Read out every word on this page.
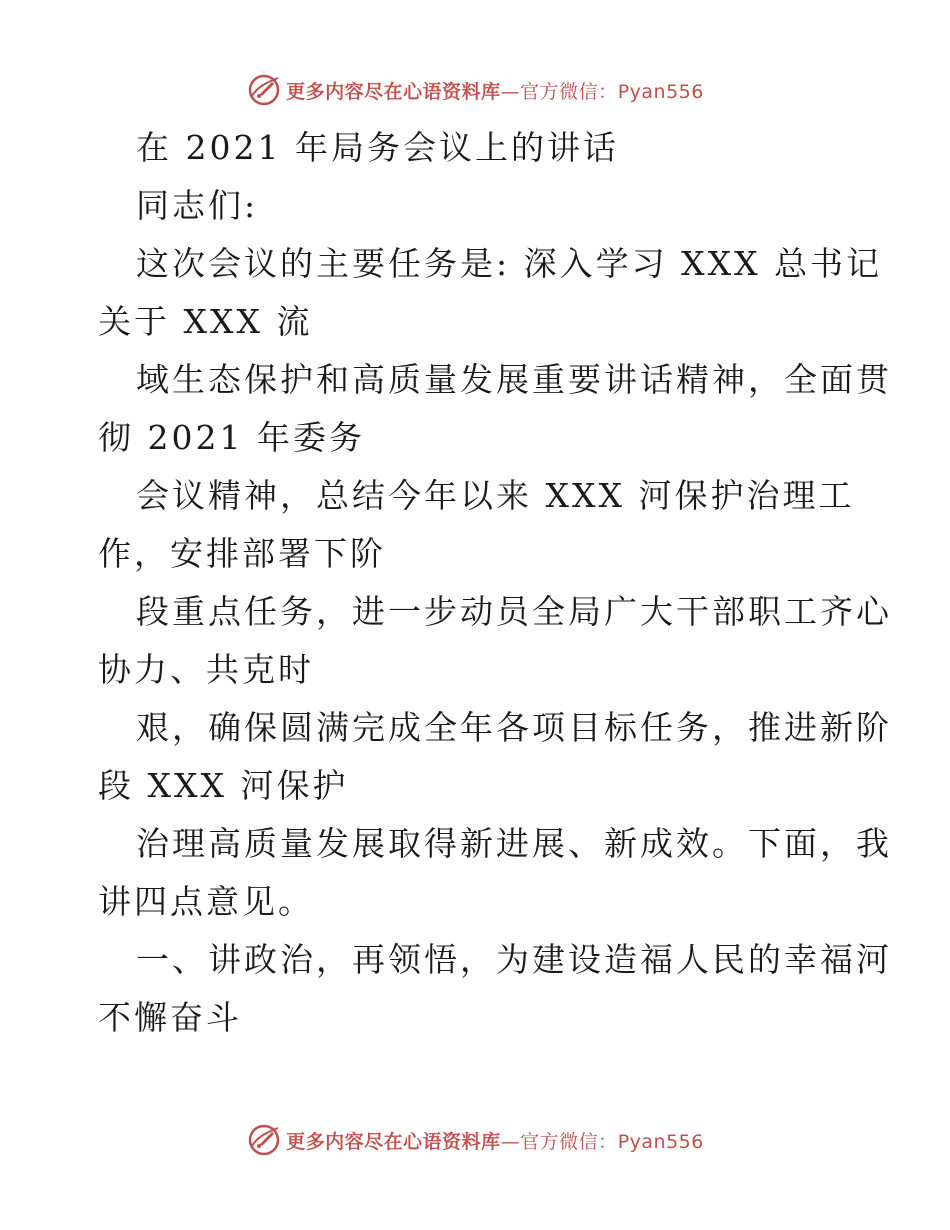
更多内容尽在心语资料库—官方微信：Pyan556
在 2021 年局务会议上的讲话
同志们:
这次会议的主要任务是: 深入学习 XXX 总书记
关于 XXX 流
域生态保护和高质量发展重要讲话精神，全面贯
彻 2021 年委务
会议精神，总结今年以来 XXX 河保护治理工
作，安排部署下阶
段重点任务，进一步动员全局广大干部职工齐心
协力、共克时
艰，确保圆满完成全年各项目标任务，推进新阶
段 XXX 河保护
治理高质量发展取得新进展、新成效。下面，我
讲四点意见。
一、讲政治，再领悟，为建设造福人民的幸福河
不懈奋斗
更多内容尽在心语资料库—官方微信：Pyan556
